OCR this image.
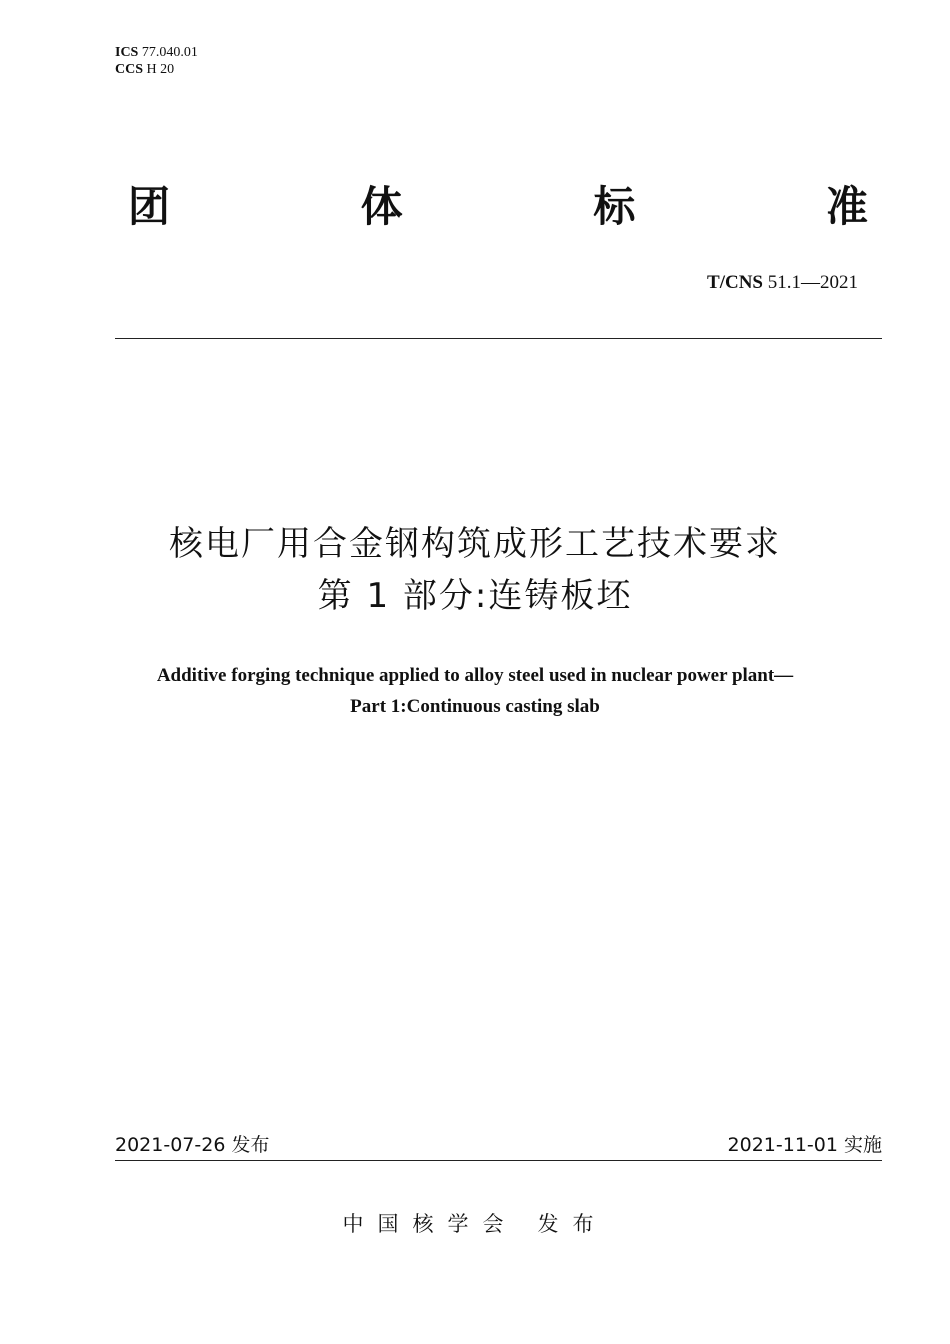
ICS 77.040.01
CCS H 20
团	体	标	准
T/CNS 51.1—2021
核电厂用合金钢构筑成形工艺技术要求
第 1 部分:连铸板坯
Additive forging technique applied to alloy steel used in nuclear power plant—
Part 1:Continuous casting slab
2021-07-26 发布	2021-11-01 实施
中国核学会 发布
